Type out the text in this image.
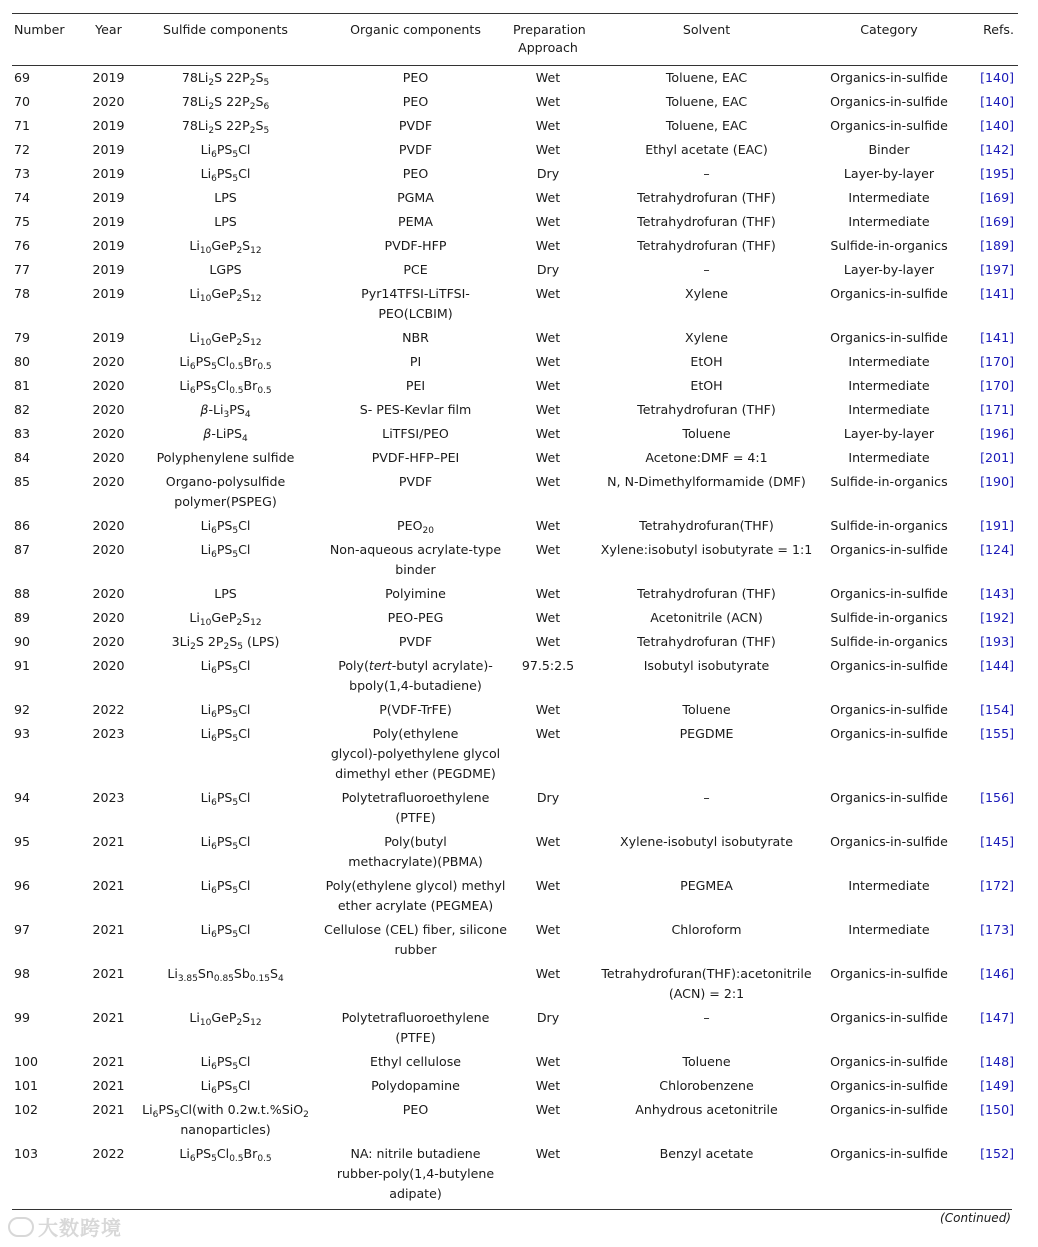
Number	Year	Sulfide components	Organic components	Preparation
Approach	Solvent	Category	Refs.
69	2019	$78Li_2S$ $22P_2S_5$	PEO	Wet	Toluene, EAC	Organics-in-sulfide	[140]
70	2020	$78Li_2S$ $22P_2S_6$	PEO	Wet	Toluene, EAC	Organics-in-sulfide	[140]
71	2019	$78Li_2S$ $22P_2S_5$	PVDF	Wet	Toluene, EAC	Organics-in-sulfide	[140]
72	2019	$Li_6PS_5Cl$	PVDF	Wet	Ethyl acetate (EAC)	Binder	[142]
73	2019	$Li_6PS_5Cl$	PEO	Dry	–	Layer-by-layer	[195]
74	2019	LPS	PGMA	Wet	Tetrahydrofuran (THF)	Intermediate	[169]
75	2019	LPS	PEMA	Wet	Tetrahydrofuran (THF)	Intermediate	[169]
76	2019	$Li_{10}GeP_2S_{12}$	PVDF-HFP	Wet	Tetrahydrofuran (THF)	Sulfide-in-organics	[189]
77	2019	LGPS	PCE	Dry	–	Layer-by-layer	[197]
78	2019	$Li_{10}GeP_2S_{12}$	Pyr14TFSI-LiTFSI-
PEO(LCBIM)	Wet	Xylene	Organics-in-sulfide	[141]
79	2019	$Li_{10}GeP_2S_{12}$	NBR	Wet	Xylene	Organics-in-sulfide	[141]
80	2020	$Li_6PS_5Cl_{0.5}Br_{0.5}$	PI	Wet	EtOH	Intermediate	[170]
81	2020	$Li_6PS_5Cl_{0.5}Br_{0.5}$	PEI	Wet	EtOH	Intermediate	[170]
82	2020	$\beta-Li_3PS_4$	S- PES-Kevlar film	Wet	Tetrahydrofuran (THF)	Intermediate	[171]
83	2020	β-LiPS$_4$	LiTFSI/PEO	Wet	Toluene	Layer-by-layer	[196]
84	2020	Polyphenylene sulfide	PVDF-HFP–PEI	Wet	Acetone:DMF = 4:1	Intermediate	[201]
85	2020	Organo-polysulfide
polymer(PSPEG)	PVDF	Wet	N, N-Dimethylformamide (DMF)	Sulfide-in-organics	[190]
86	2020	$Li_6PS_5Cl$	$PEO_{20}$	Wet	Tetrahydrofuran(THF)	Sulfide-in-organics	[191]
87	2020	$Li_6PS_5Cl$	Non-aqueous acrylate-type
binder	Wet	Xylene:isobutyl isobutyrate = 1:1	Organics-in-sulfide	[124]
88	2020	LPS	Polyimine	Wet	Tetrahydrofuran (THF)	Organics-in-sulfide	[143]
89	2020	$Li_{10}GeP_2S_{12}$	PEO-PEG	Wet	Acetonitrile (ACN)	Sulfide-in-organics	[192]
90	2020	$3Li_2S$ $2P_2S_5$ (LPS)	PVDF	Wet	Tetrahydrofuran (THF)	Sulfide-in-organics	[193]
91	2020	$Li_6PS_5Cl$	Poly(tert-butyl acrylate)-
bpoly(1,4-butadiene)	97.5:2.5	Isobutyl isobutyrate	Organics-in-sulfide	[144]
92	2022	$Li_6PS_5Cl$	P(VDF-TrFE)	Wet	Toluene	Organics-in-sulfide	[154]
93	2023	$Li_6PS_5Cl$	Poly(ethylene
glycol)-polyethylene glycol
dimethyl ether (PEGDME)	Wet	PEGDME	Organics-in-sulfide	[155]
94	2023	$Li_6PS_5Cl$	Polytetrafluoroethylene
(PTFE)	Dry	–	Organics-in-sulfide	[156]
95	2021	$Li_6PS_5Cl$	Poly(butyl
methacrylate)(PBMA)	Wet	Xylene-isobutyl isobutyrate	Organics-in-sulfide	[145]
96	2021	$Li_6PS_5Cl$	Poly(ethylene glycol) methyl
ether acrylate (PEGMEA)	Wet	PEGMEA	Intermediate	[172]
97	2021	$Li_6PS_5Cl$	Cellulose (CEL) fiber, silicone
rubber	Wet	Chloroform	Intermediate	[173]
98	2021	$Li_{3.85}Sn_{0.85}Sb_{0.15}S_4$		Wet	Tetrahydrofuran(THF):acetonitrile
(ACN) = 2:1	Organics-in-sulfide	[146]
99	2021	$Li_{10}GeP_2S_{12}$	Polytetrafluoroethylene
(PTFE)	Dry	–	Organics-in-sulfide	[147]
100	2021	$Li_6PS_5Cl$	Ethyl cellulose	Wet	Toluene	Organics-in-sulfide	[148]
101	2021	$Li_6PS_5Cl$	Polydopamine	Wet	Chlorobenzene	Organics-in-sulfide	[149]
102	2021	$Li_6PS_5Cl(with$ 0.2w.t.%SiO$_2$
nanoparticles)	PEO	Wet	Anhydrous acetonitrile	Organics-in-sulfide	[150]
103	2022	$Li_6PS_5Cl_{0.5}Br_{0.5}$	NA: nitrile butadiene
rubber-poly(1,4-butylene
adipate)	Wet	Benzyl acetate	Organics-in-sulfide	[152]
(Continued)
大数跨境
